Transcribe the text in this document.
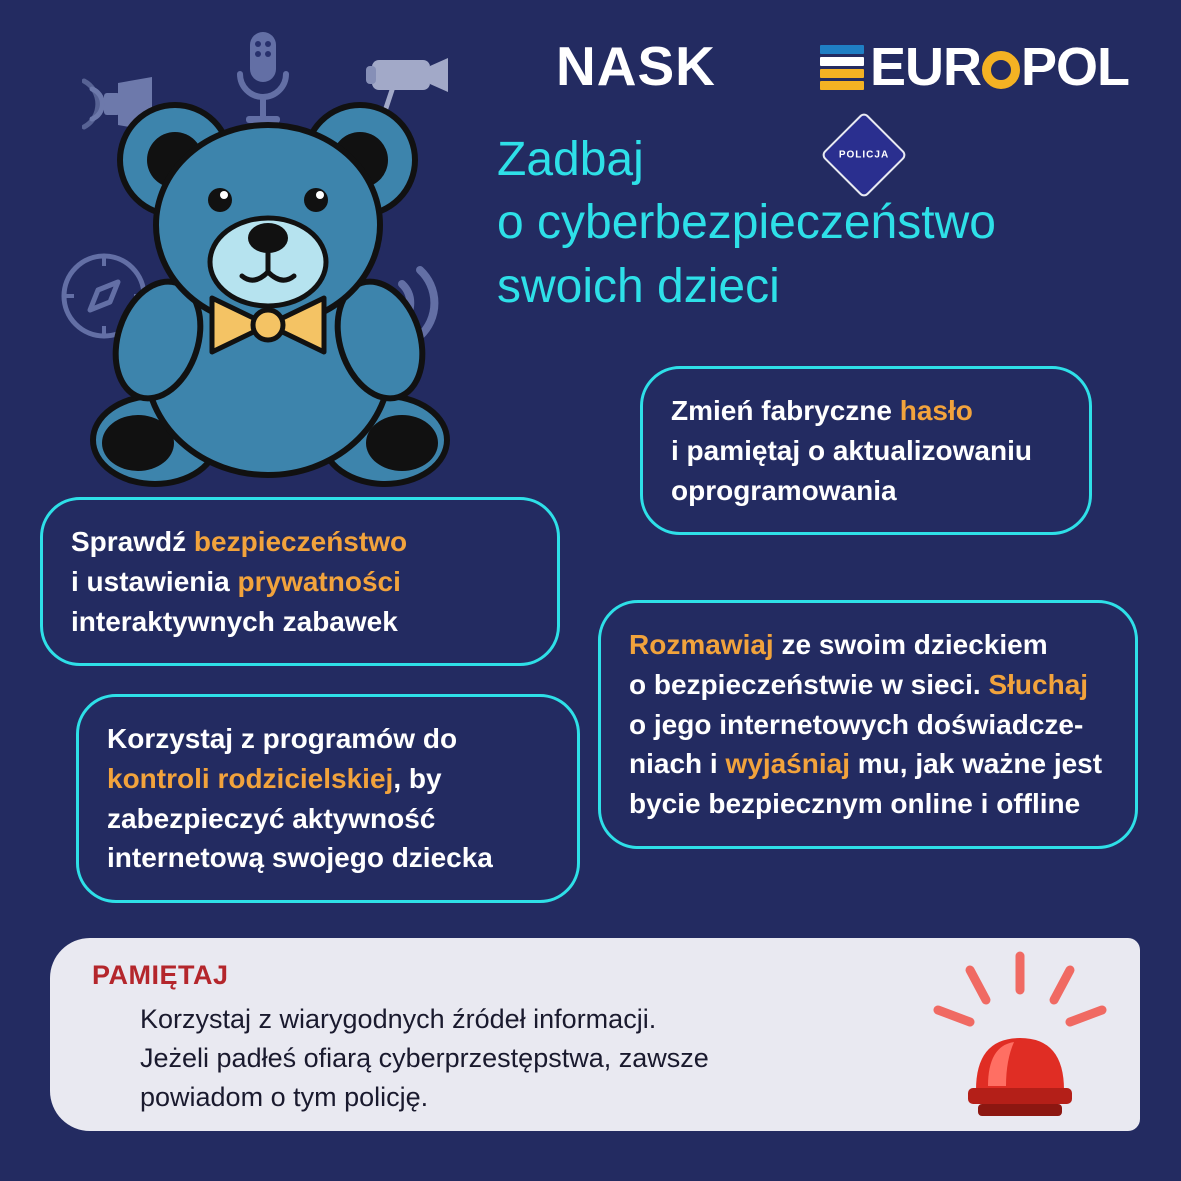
NASK	EUR POL
POLICJA
Zadbaj
o cyberbezpieczeństwo
swoich dzieci
Zmień fabryczne hasło
i pamiętaj o aktualizowaniu
oprogramowania
Sprawdź bezpieczeństwo
i ustawienia prywatności
interaktywnych zabawek
Rozmawiaj ze swoim dzieckiem
o bezpieczeństwie w sieci. Słuchaj
o jego internetowych doświadcze-
niach i wyjaśniaj mu, jak ważne jest
bycie bezpiecznym online i offline
Korzystaj z programów do
kontroli rodzicielskiej, by
zabezpieczyć aktywność
internetową swojego dziecka
PAMIĘTAJ
Korzystaj z wiarygodnych źródeł informacji.
Jeżeli padłeś ofiarą cyberprzestępstwa, zawsze
powiadom o tym policję.
